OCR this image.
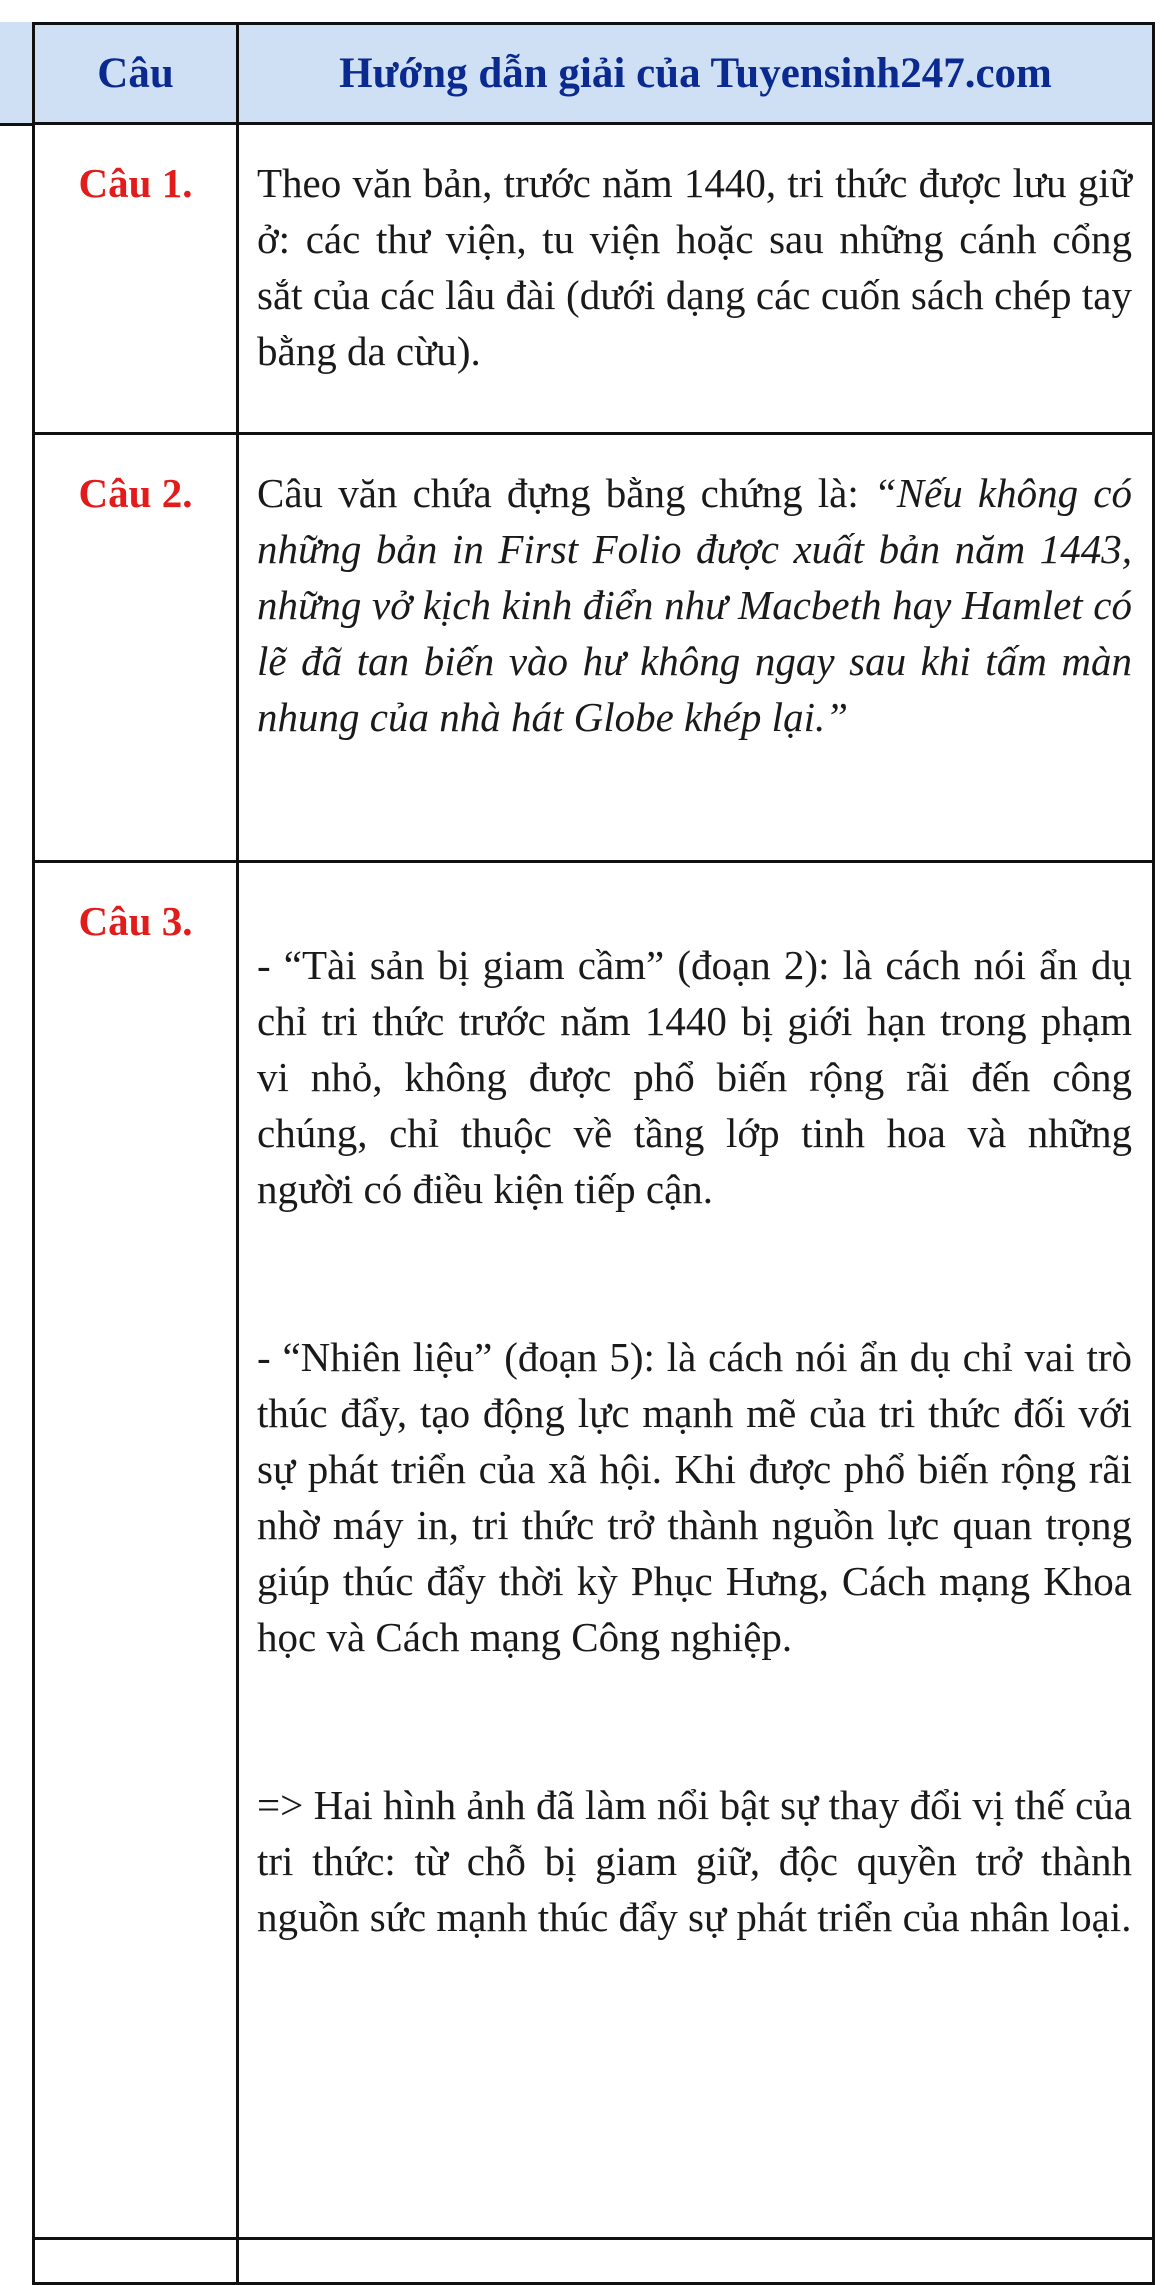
Câu	Hướng dẫn giải của Tuyensinh247.com
Câu 1.	Theo văn bản, trước năm 1440, tri thức được lưu giữ ở: các thư viện, tu viện hoặc sau những cánh cổng sắt của các lâu đài (dưới dạng các cuốn sách chép tay bằng da cừu).

Câu 2.	Câu văn chứa đựng bằng chứng là: “Nếu không có những bản in First Folio được xuất bản năm 1443, những vở kịch kinh điển như Macbeth hay Hamlet có lẽ đã tan biến vào hư không ngay sau khi tấm màn nhung của nhà hát Globe khép lại.”

Câu 3.	- “Tài sản bị giam cầm” (đoạn 2): là cách nói ẩn dụ chỉ tri thức trước năm 1440 bị giới hạn trong phạm vi nhỏ, không được phổ biến rộng rãi đến công chúng, chỉ thuộc về tầng lớp tinh hoa và những người có điều kiện tiếp cận.

- “Nhiên liệu” (đoạn 5): là cách nói ẩn dụ chỉ vai trò thúc đẩy, tạo động lực mạnh mẽ của tri thức đối với sự phát triển của xã hội. Khi được phổ biến rộng rãi nhờ máy in, tri thức trở thành nguồn lực quan trọng giúp thúc đẩy thời kỳ Phục Hưng, Cách mạng Khoa học và Cách mạng Công nghiệp.

=> Hai hình ảnh đã làm nổi bật sự thay đổi vị thế của tri thức: từ chỗ bị giam giữ, độc quyền trở thành nguồn sức mạnh thúc đẩy sự phát triển của nhân loại.
